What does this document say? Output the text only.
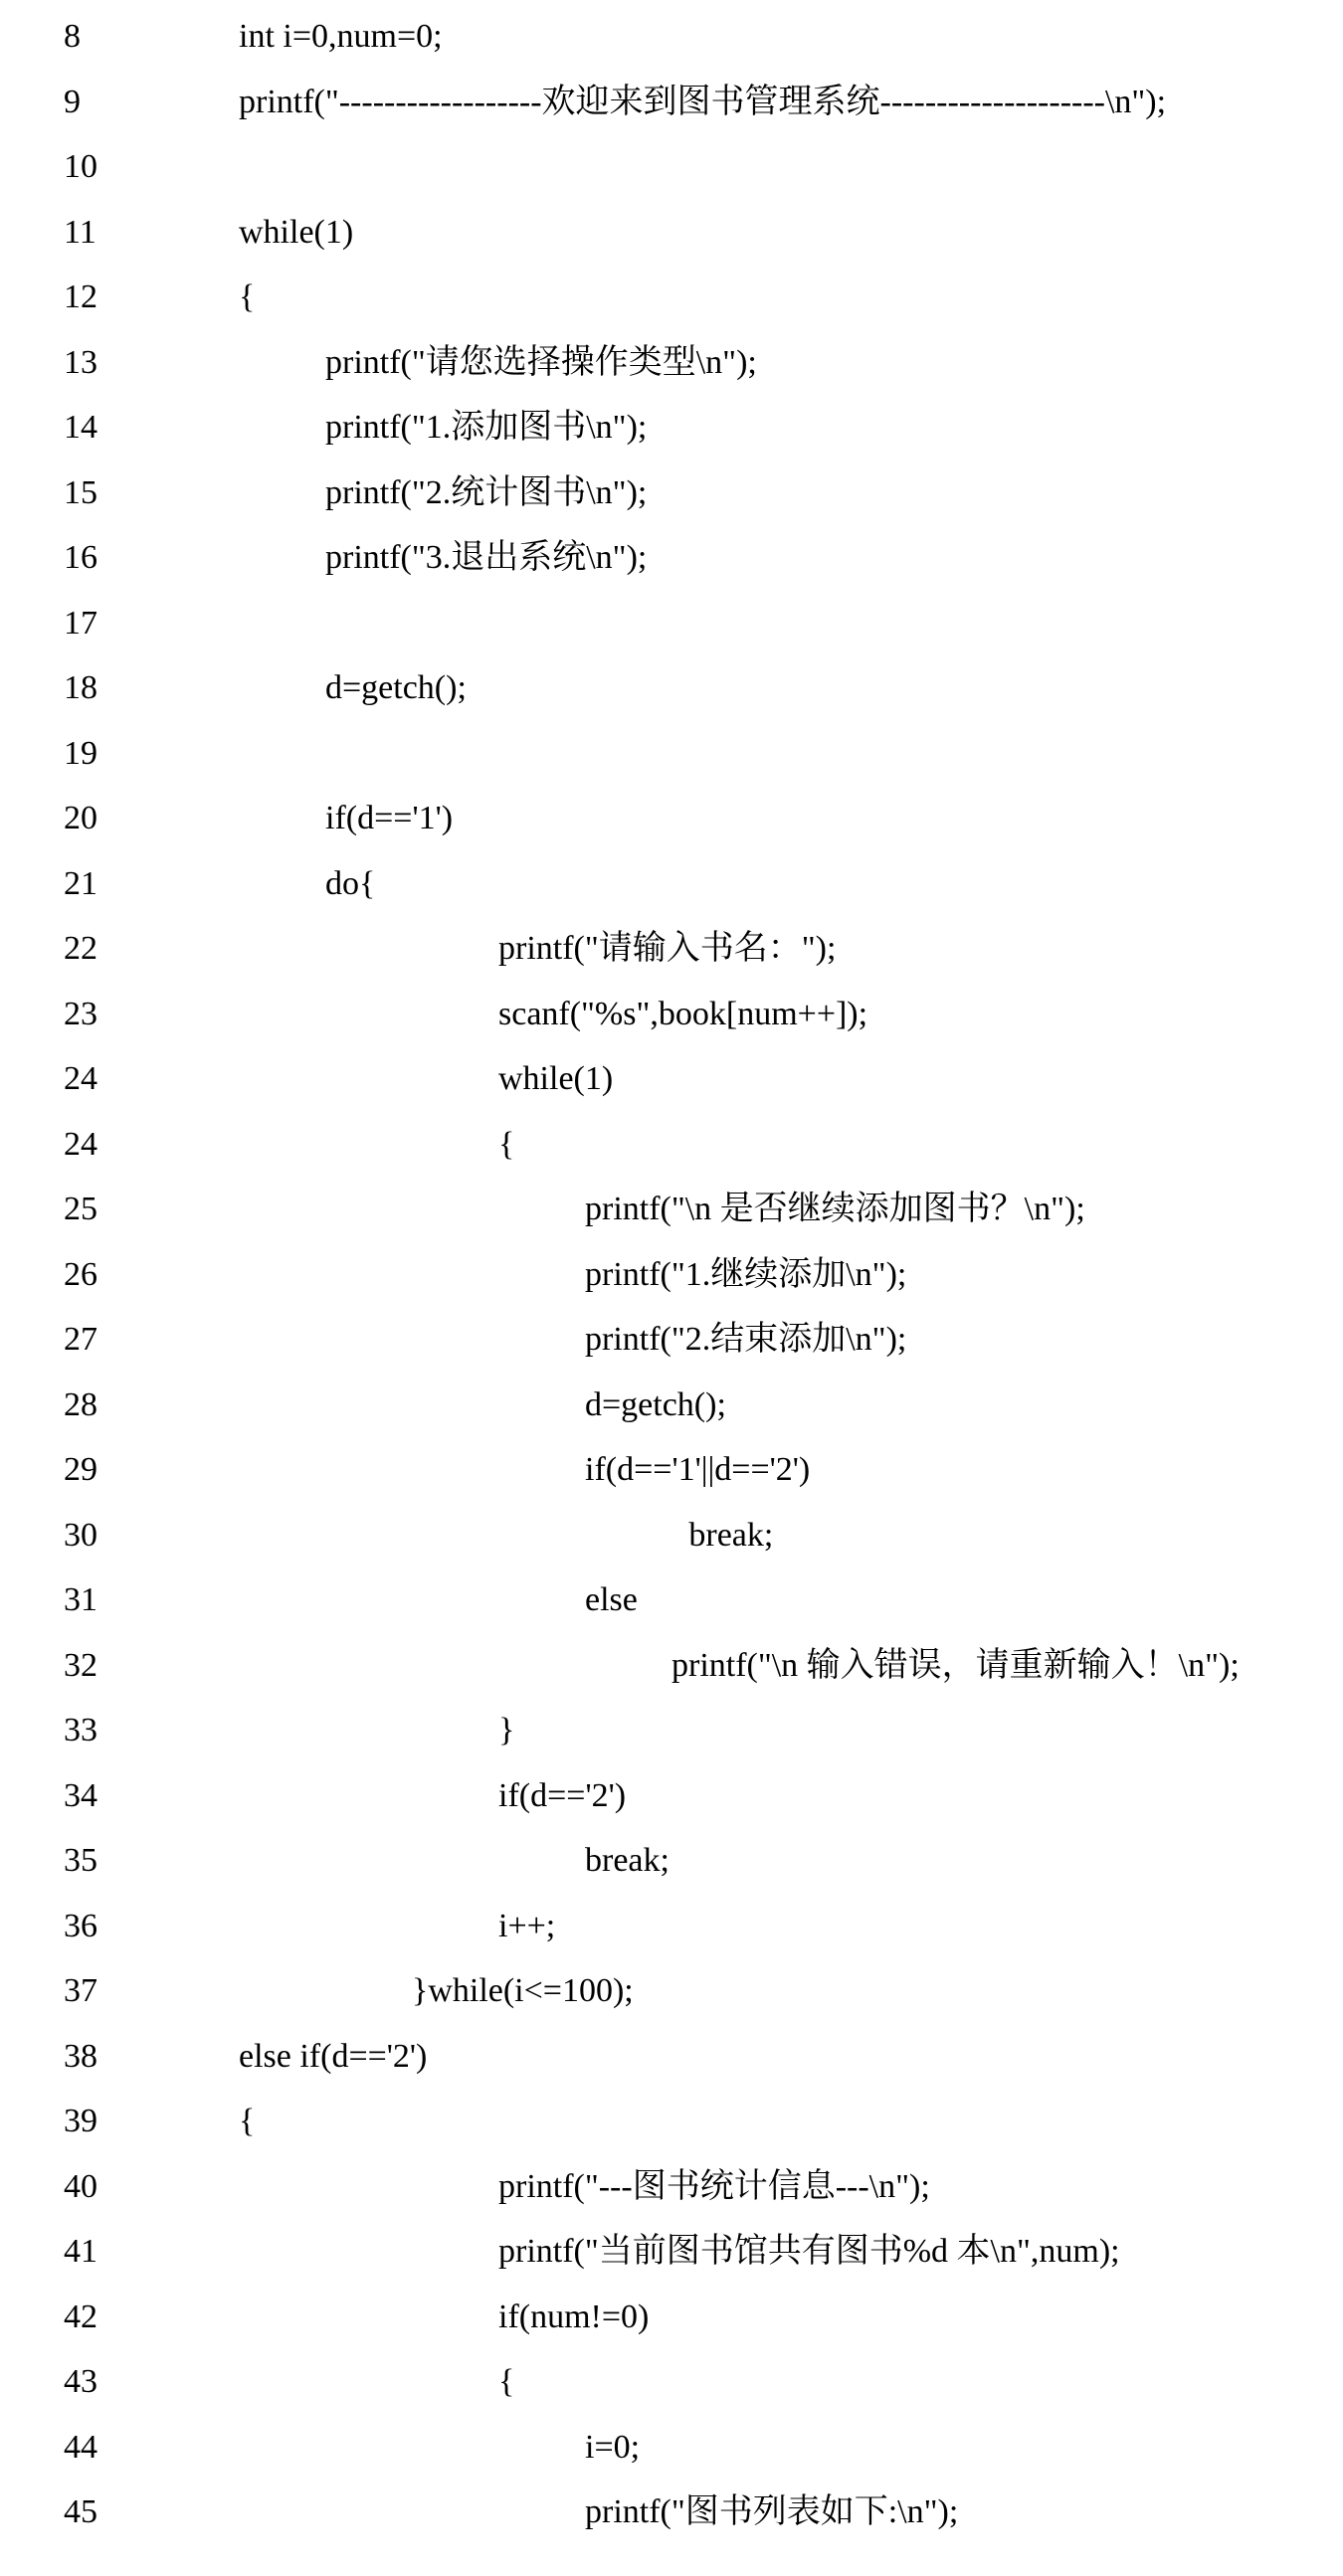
8	int i=0,num=0;
9	printf("------------------欢迎来到图书管理系统--------------------\n");
10
11	while(1)
12	{
13	printf("请您选择操作类型\n");
14	printf("1.添加图书\n");
15	printf("2.统计图书\n");
16	printf("3.退出系统\n");
17
18	d=getch();
19
20	if(d=='1')
21	do{
22	printf("请输入书名：");
23	scanf("%s",book[num++]);
24	while(1)
24	{
25	printf("\n 是否继续添加图书？\n");
26	printf("1.继续添加\n");
27	printf("2.结束添加\n");
28	d=getch();
29	if(d=='1'||d=='2')
30	break;
31	else
32	printf("\n 输入错误，请重新输入！\n");
33	}
34	if(d=='2')
35	break;
36	i++;
37	}while(i<=100);
38	else if(d=='2')
39	{
40	printf("---图书统计信息---\n");
41	printf("当前图书馆共有图书%d 本\n",num);
42	if(num!=0)
43	{
44	i=0;
45	printf("图书列表如下:\n");
